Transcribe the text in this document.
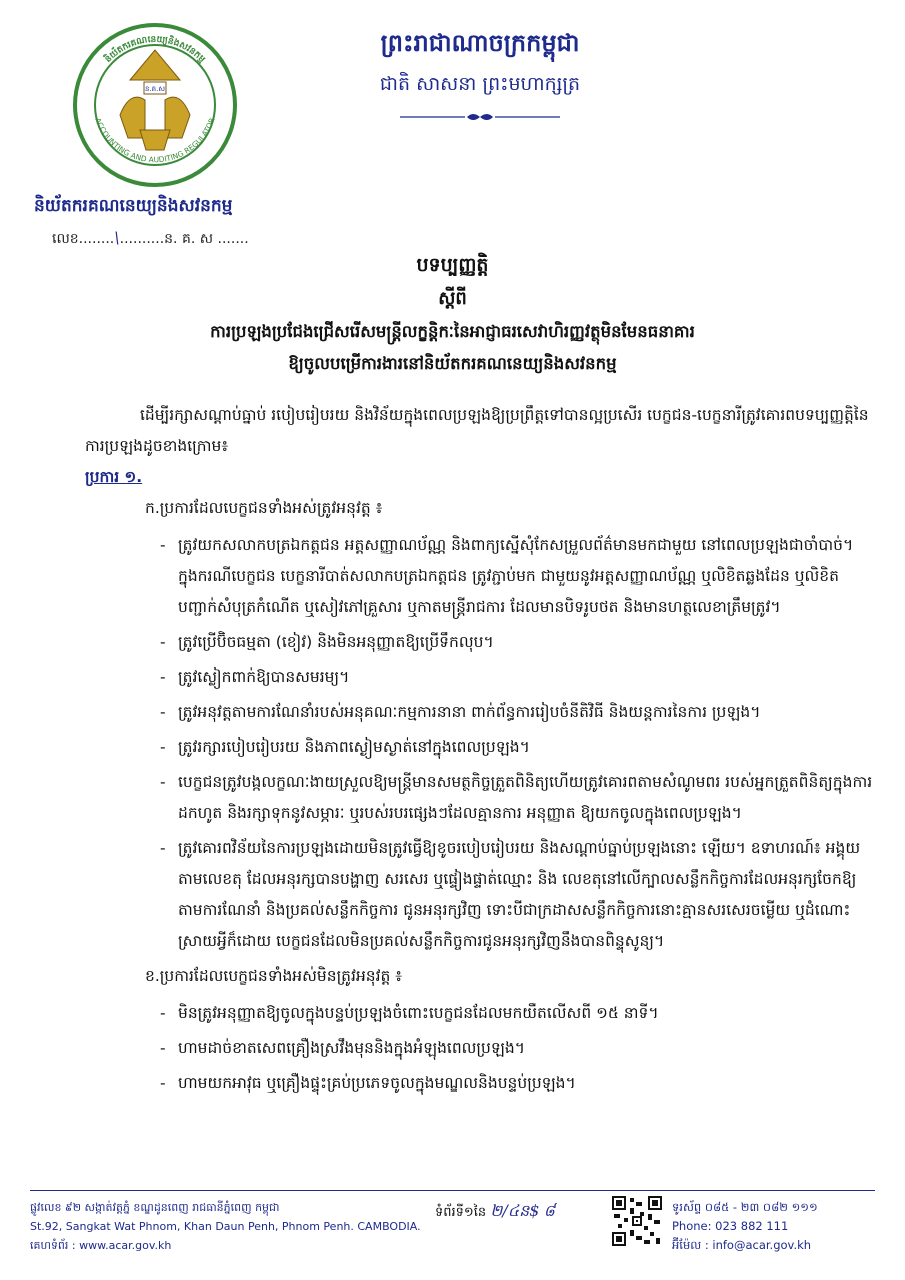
ន.គ.ស
និយ័តករគណនេយ្យនិងសវនកម្ម
ACCOUNTING AND AUDITING REGULATOR
និយ័តករគណនេយ្យនិងសវនកម្ម
លេខ........\..........ន. គ. ស .......
ព្រះរាជាណាចក្រកម្ពុជា
ជាតិ សាសនា ព្រះមហាក្សត្រ
បទប្បញ្ញត្តិ
ស្តីពី
ការប្រឡងប្រជែងជ្រើសរើសមន្ត្រីលក្ខន្តិកៈនៃអាជ្ញាធរសេវាហិរញ្ញវត្ថុមិនមែនធនាគារ
ឱ្យចូលបម្រើការងារនៅនិយ័តករគណនេយ្យនិងសវនកម្ម

ដើម្បីរក្សាសណ្តាប់ធ្នាប់ របៀបរៀបរយ និងវិន័យក្នុងពេលប្រឡងឱ្យប្រព្រឹត្តទៅបានល្អប្រសើរ បេក្ខជន-បេក្ខនារីត្រូវគោរពបទប្បញ្ញត្តិនៃការប្រឡងដូចខាងក្រោម៖

ប្រការ ១.

ក.ប្រការដែលបេក្ខជនទាំងអស់ត្រូវអនុវត្ត ៖

- ត្រូវយកសលាកបត្រឯកត្តជន អត្តសញ្ញាណប័ណ្ណ និងពាក្យស្នើសុំកែសម្រួលព័ត៌មានមកជាមួយ នៅពេលប្រឡងជាចាំបាច់។ ក្នុងករណីបេក្ខជន បេក្ខនារីបាត់សលាកបត្រឯកត្តជន ត្រូវភ្ជាប់មក ជាមួយនូវអត្តសញ្ញាណប័ណ្ណ ឬលិខិតឆ្លងដែន ឬលិខិតបញ្ជាក់សំបុត្រកំណើត ឬសៀវភៅគ្រួសារ ឬកាតមន្ត្រីរាជការ ដែលមានបិទរូបថត និងមានហត្ថលេខាត្រឹមត្រូវ។
- ត្រូវប្រើប៊ិចធម្មតា (ខៀវ) និងមិនអនុញ្ញាតឱ្យប្រើទឹកលុប។
- ត្រូវស្លៀកពាក់ឱ្យបានសមរម្យ។
- ត្រូវអនុវត្តតាមការណែនាំរបស់អនុគណៈកម្មការនានា ពាក់ព័ន្ធការរៀបចំនីតិវិធី និងយន្តការនៃការ ប្រឡង។
- ត្រូវរក្សារបៀបរៀបរយ និងភាពស្ងៀមស្ងាត់នៅក្នុងពេលប្រឡង។
- បេក្ខជនត្រូវបង្កលក្ខណៈងាយស្រួលឱ្យមន្ត្រីមានសមត្ថកិច្ចត្រួតពិនិត្យហើយត្រូវគោរពតាមសំណូមពរ របស់អ្នកត្រួតពិនិត្យក្នុងការដកហូត និងរក្សាទុកនូវសម្ភារៈ ឬរបស់របរផ្សេងៗដែលគ្មានការ អនុញ្ញាត ឱ្យយកចូលក្នុងពេលប្រឡង។
- ត្រូវគោរពវិន័យនៃការប្រឡងដោយមិនត្រូវធ្វើឱ្យខូចរបៀបរៀបរយ និងសណ្តាប់ធ្នាប់ប្រឡងនោះ ឡើយ។ ឧទាហរណ៍៖ អង្គុយតាមលេខតុ ដែលអនុរក្សបានបង្ហាញ សរសេរ ឬផ្ទៀងផ្ទាត់ឈ្មោះ និង លេខតុនៅលើក្បាលសន្លឹកកិច្ចការដែលអនុរក្សចែកឱ្យតាមការណែនាំ និងប្រគល់សន្លឹកកិច្ចការ ជូនអនុរក្សវិញ ទោះបីជាក្រដាសសន្លឹកកិច្ចការនោះគ្មានសរសេរចម្លើយ ឬដំណោះស្រាយអ្វីក៏ដោយ បេក្ខជនដែលមិនប្រគល់សន្លឹកកិច្ចការជូនអនុរក្សវិញនឹងបានពិន្ទុសូន្យ។

ខ.ប្រការដែលបេក្ខជនទាំងអស់មិនត្រូវអនុវត្ត ៖

- មិនត្រូវអនុញ្ញាតឱ្យចូលក្នុងបន្ទប់ប្រឡងចំពោះបេក្ខជនដែលមកយឺតលើសពី ១៥ នាទី។
- ហាមដាច់ខាតសេពគ្រឿងស្រវឹងមុននិងក្នុងអំឡុងពេលប្រឡង។
- ហាមយកអាវុធ ឬគ្រឿងផ្ទុះគ្រប់ប្រភេទចូលក្នុងមណ្ឌលនិងបន្ទប់ប្រឡង។
ផ្លូវលេខ ៩២ សង្កាត់វត្តភ្នំ ខណ្ឌដូនពេញ រាជធានីភ្នំពេញ កម្ពុជា
St.92, Sangkat Wat Phnom, Khan Daun Penh, Phnom Penh. CAMBODIA.
គេហទំព័រ : www.acar.gov.kh
ទំព័រទី១នៃ ២/៤ន$ ៨	ទូរស័ព្ទ ០៨៥ - ២៣ ០៨២ ១១១
Phone: 023 882 111
អ៊ីម៉ែល : info@acar.gov.kh
